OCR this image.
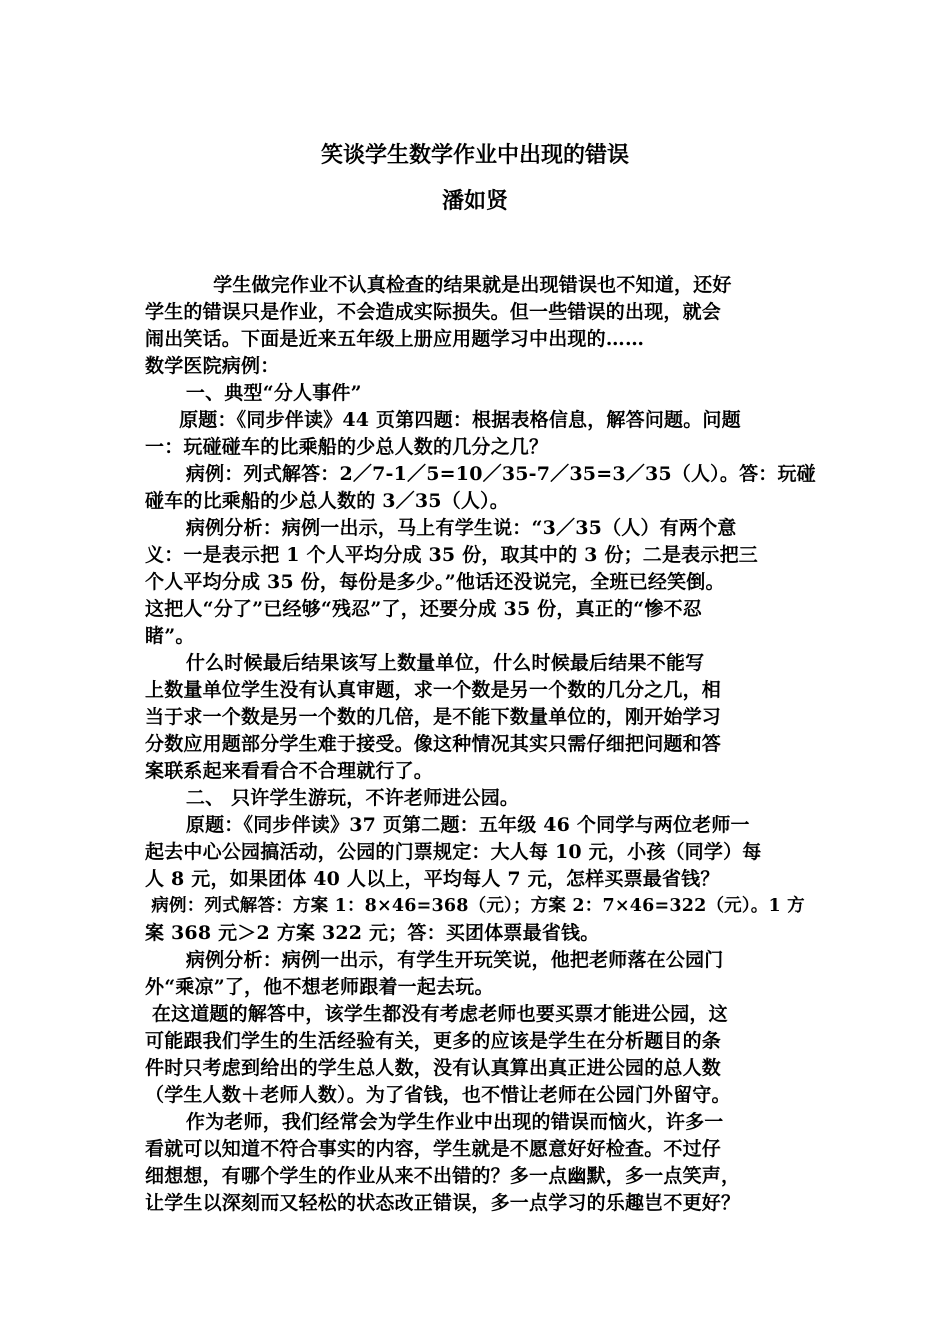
笑谈学生数学作业中出现的错误
潘如贤
学生做完作业不认真检查的结果就是出现错误也不知道，还好
学生的错误只是作业，不会造成实际损失。但一些错误的出现，就会
闹出笑话。下面是近来五年级上册应用题学习中出现的……
数学医院病例：
一、典型“分人事件”
原题：《同步伴读》44 页第四题：根据表格信息，解答问题。问题
一：玩碰碰车的比乘船的少总人数的几分之几？
病例：列式解答：2／7-1／5=10／35-7／35=3／35（人）。答：玩碰
碰车的比乘船的少总人数的 3／35（人）。
病例分析：病例一出示，马上有学生说：“3／35（人）有两个意
义：一是表示把 1 个人平均分成 35 份，取其中的 3 份；二是表示把三
个人平均分成 35 份，每份是多少。”他话还没说完，全班已经笑倒。
这把人“分了”已经够“残忍”了，还要分成 35 份，真正的“惨不忍
睹”。
什么时候最后结果该写上数量单位，什么时候最后结果不能写
上数量单位学生没有认真审题，求一个数是另一个数的几分之几，相
当于求一个数是另一个数的几倍，是不能下数量单位的，刚开始学习
分数应用题部分学生难于接受。像这种情况其实只需仔细把问题和答
案联系起来看看合不合理就行了。
二、 只许学生游玩，不许老师进公园。
原题：《同步伴读》37 页第二题：五年级 46 个同学与两位老师一
起去中心公园搞活动，公园的门票规定：大人每 10 元，小孩（同学）每
人 8 元，如果团体 40 人以上，平均每人 7 元，怎样买票最省钱？
病例：列式解答：方案 1：8×46=368（元）；方案 2：7×46=322（元）。1 方
案 368 元＞2 方案 322 元；答：买团体票最省钱。
病例分析：病例一出示，有学生开玩笑说，他把老师落在公园门
外“乘凉”了，他不想老师跟着一起去玩。
在这道题的解答中，该学生都没有考虑老师也要买票才能进公园，这
可能跟我们学生的生活经验有关，更多的应该是学生在分析题目的条
件时只考虑到给出的学生总人数，没有认真算出真正进公园的总人数
（学生人数＋老师人数）。为了省钱，也不惜让老师在公园门外留守。
作为老师，我们经常会为学生作业中出现的错误而恼火，许多一
看就可以知道不符合事实的内容，学生就是不愿意好好检查。不过仔
细想想，有哪个学生的作业从来不出错的？多一点幽默，多一点笑声，
让学生以深刻而又轻松的状态改正错误，多一点学习的乐趣岂不更好？
